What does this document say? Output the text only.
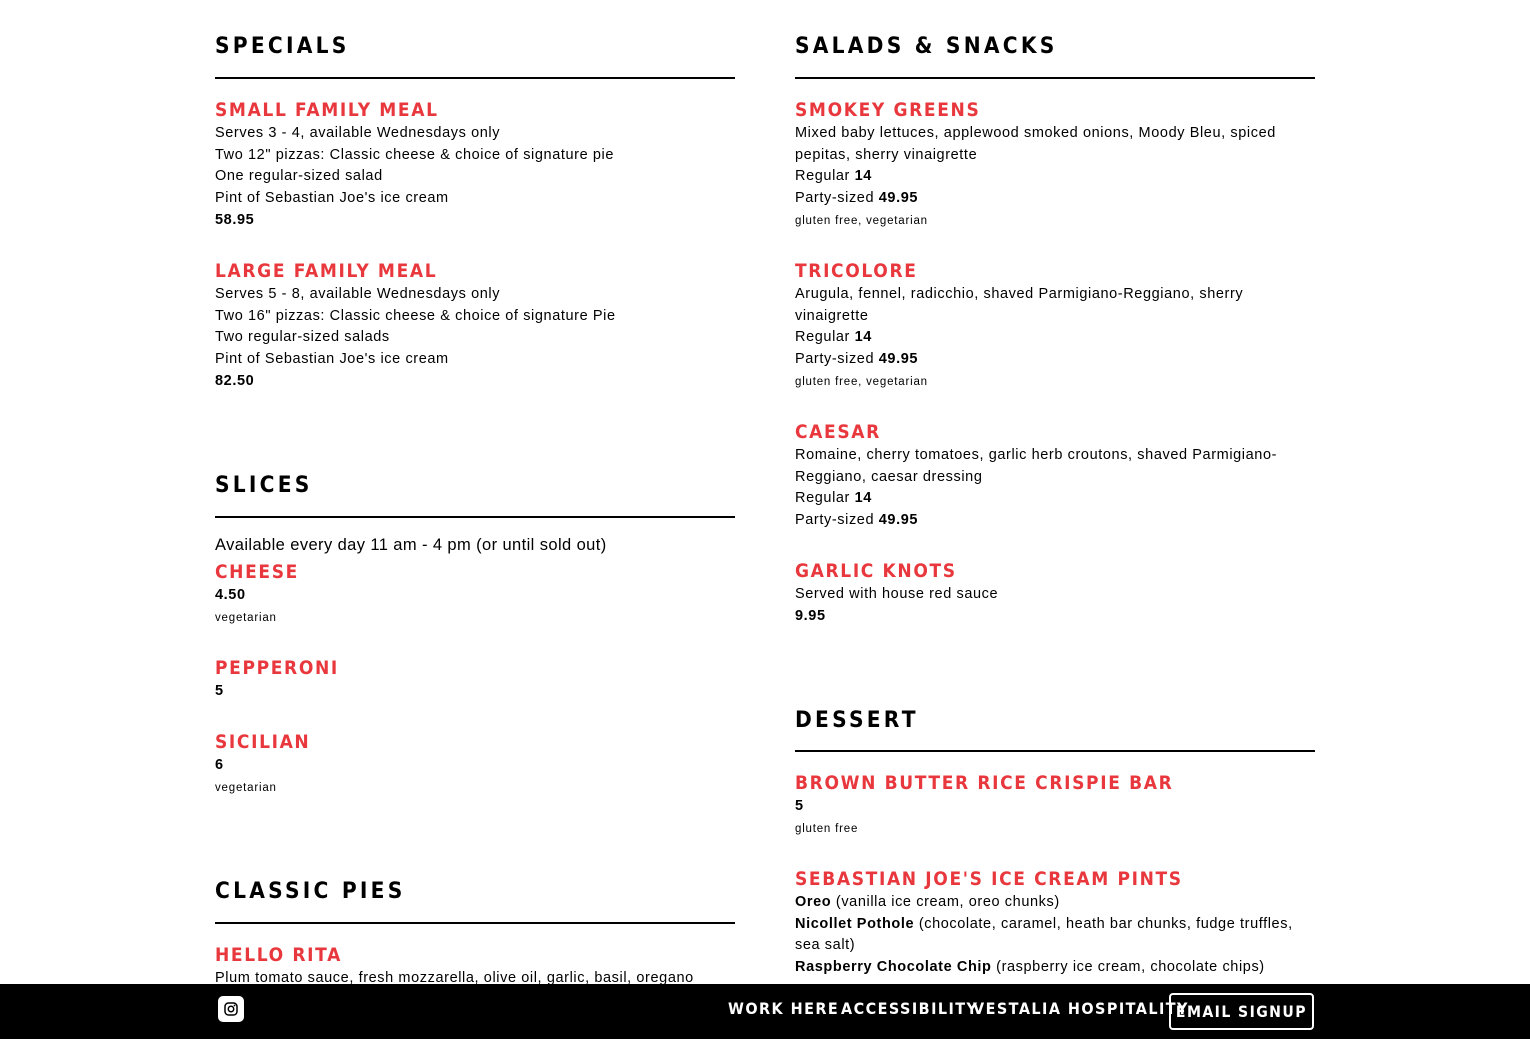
SPECIALS
SMALL FAMILY MEAL
Serves 3 - 4, available Wednesdays only
Two 12" pizzas: Classic cheese & choice of signature pie
One regular-sized salad
Pint of Sebastian Joe's ice cream
58.95
LARGE FAMILY MEAL
Serves 5 - 8, available Wednesdays only
Two 16" pizzas: Classic cheese & choice of signature Pie
Two regular-sized salads
Pint of Sebastian Joe's ice cream
82.50
SLICES
Available every day 11 am - 4 pm (or until sold out)
CHEESE
4.50
vegetarian
PEPPERONI
5
SICILIAN
6
vegetarian
CLASSIC PIES
HELLO RITA
Plum tomato sauce, fresh mozzarella, olive oil, garlic, basil, oregano
SALADS & SNACKS
SMOKEY GREENS
Mixed baby lettuces, applewood smoked onions, Moody Bleu, spiced
pepitas, sherry vinaigrette
Regular 14
Party-sized 49.95
gluten free, vegetarian
TRICOLORE
Arugula, fennel, radicchio, shaved Parmigiano-Reggiano, sherry
vinaigrette
Regular 14
Party-sized 49.95
gluten free, vegetarian
CAESAR
Romaine, cherry tomatoes, garlic herb croutons, shaved Parmigiano-
Reggiano, caesar dressing
Regular 14
Party-sized 49.95
GARLIC KNOTS
Served with house red sauce
9.95
DESSERT
BROWN BUTTER RICE CRISPIE BAR
5
gluten free
SEBASTIAN JOE'S ICE CREAM PINTS
Oreo (vanilla ice cream, oreo chunks)
Nicollet Pothole (chocolate, caramel, heath bar chunks, fudge truffles,
sea salt)
Raspberry Chocolate Chip (raspberry ice cream, chocolate chips)
WORK HERE ACCESSIBILITY
VESTALIA HOSPITALITY
EMAIL SIGNUP
